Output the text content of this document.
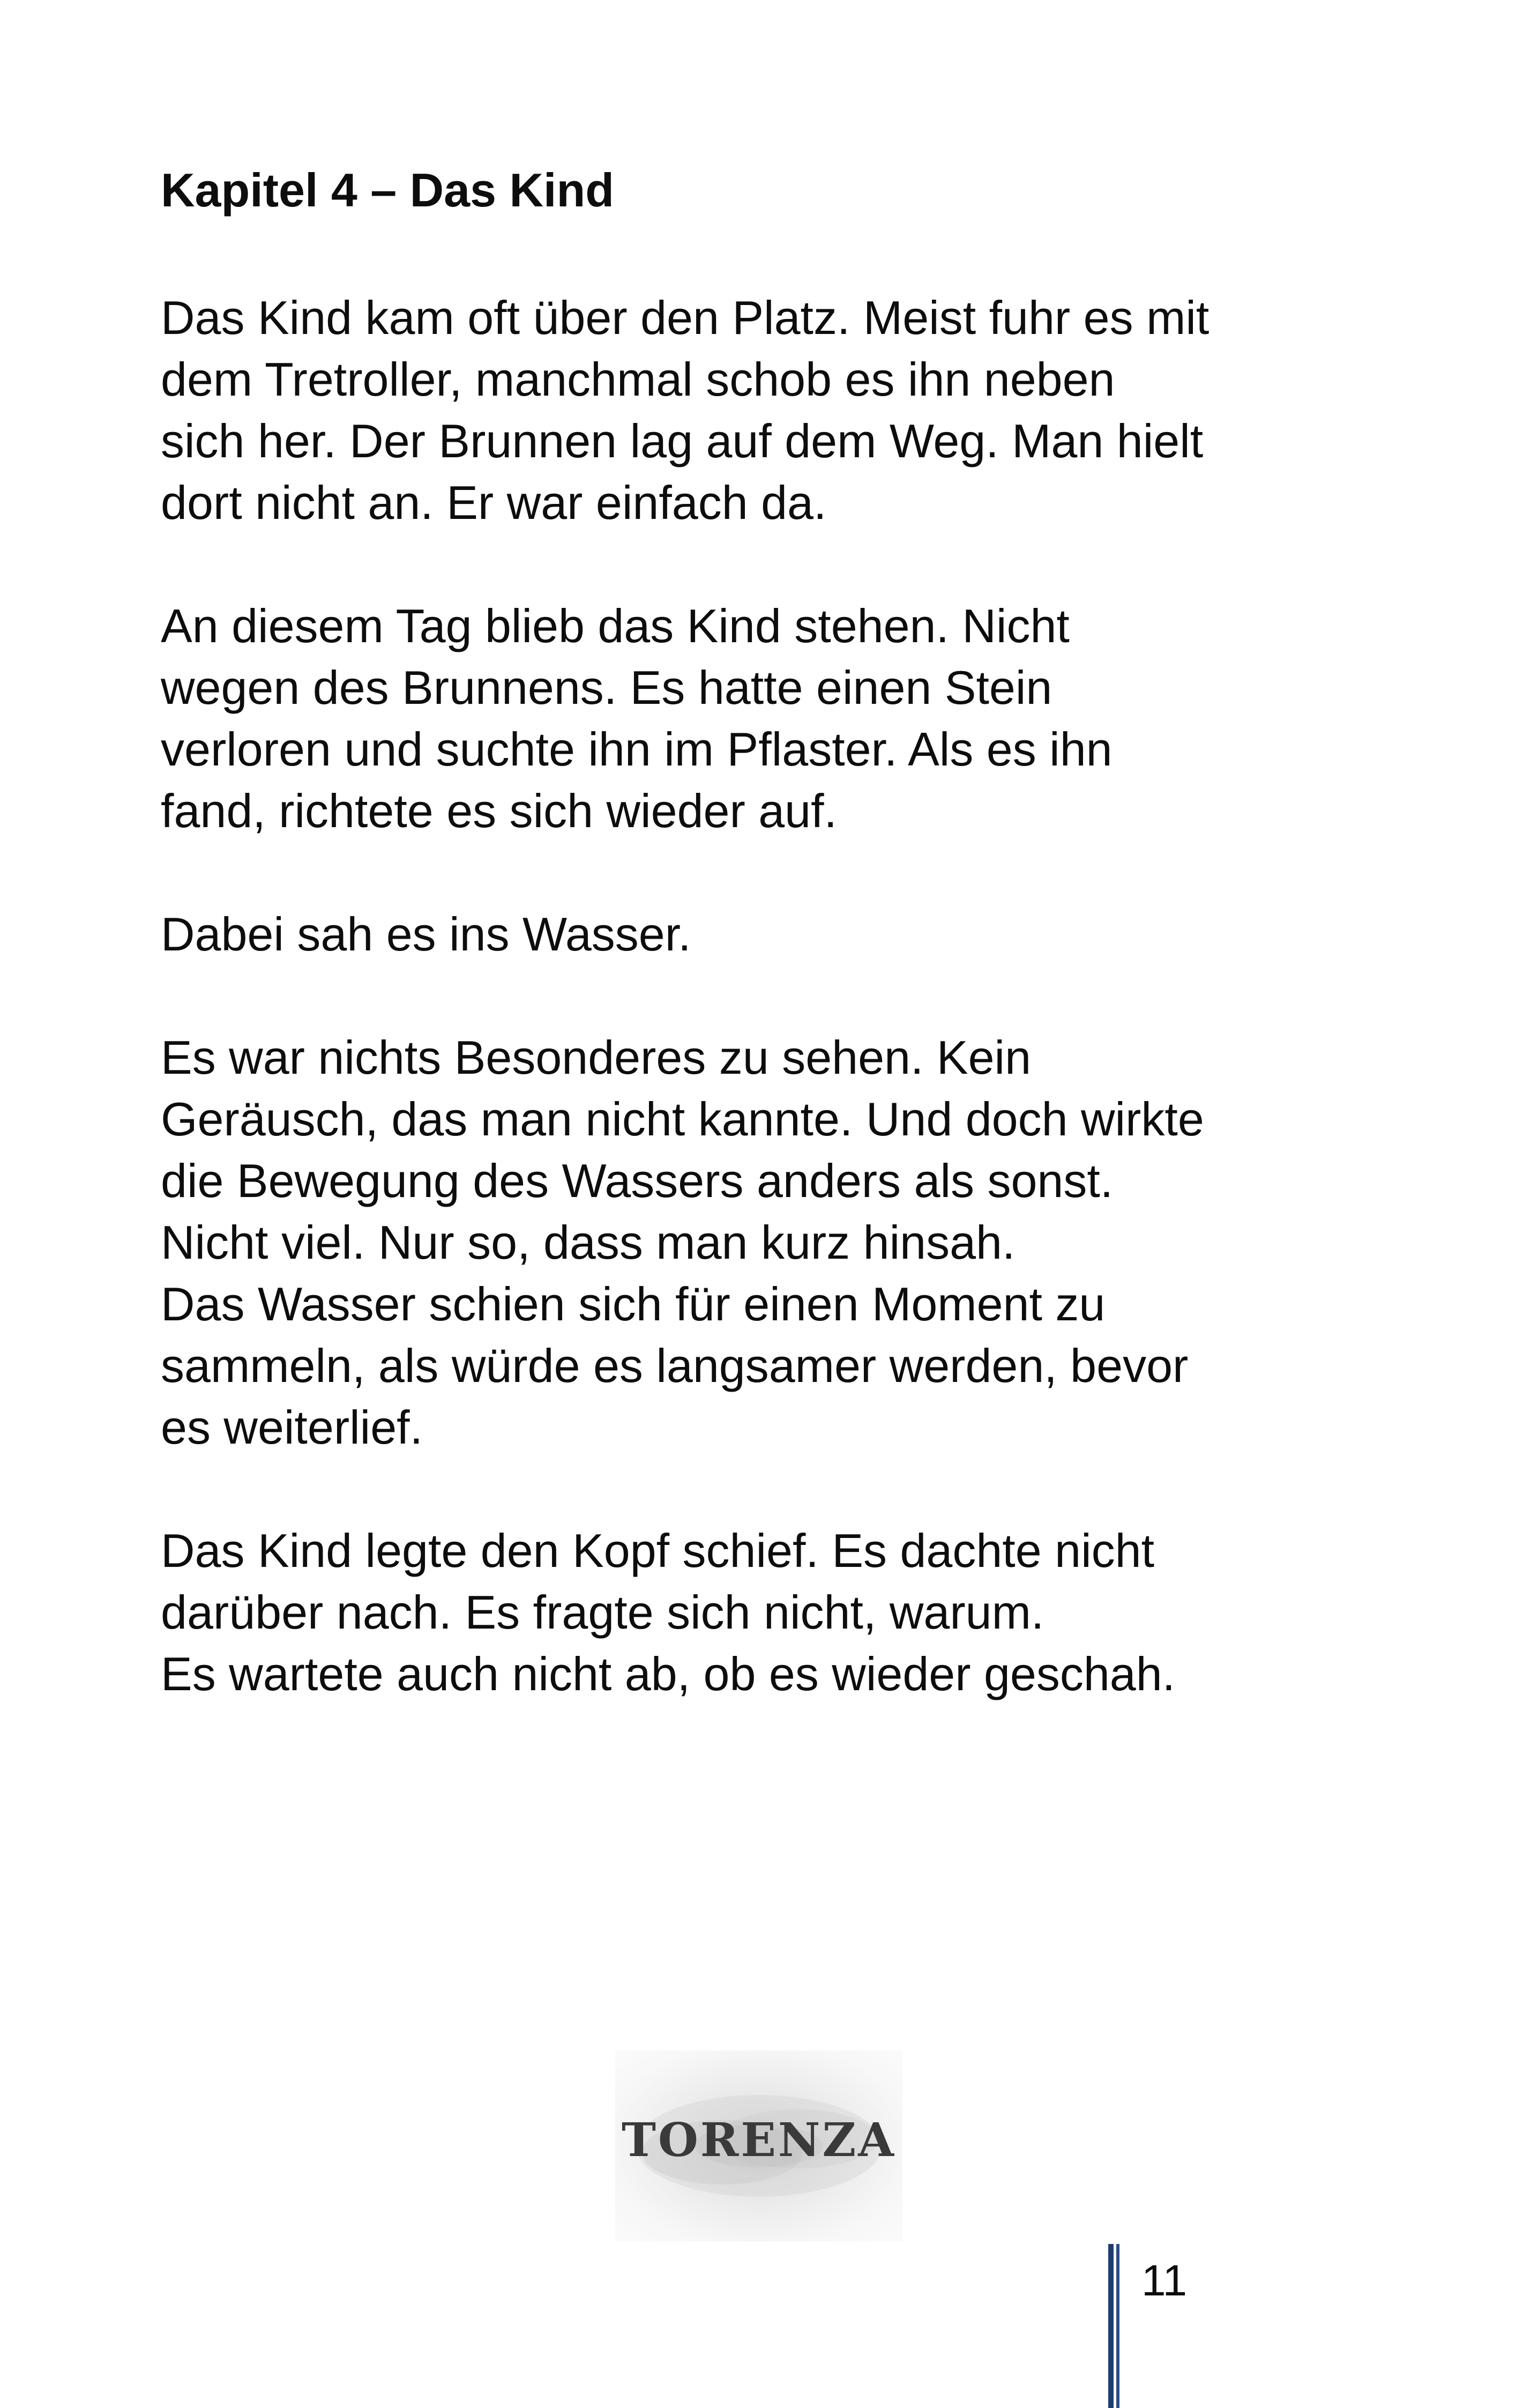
Kapitel 4 – Das Kind

Das Kind kam oft über den Platz. Meist fuhr es mit
dem Tretroller, manchmal schob es ihn neben
sich her. Der Brunnen lag auf dem Weg. Man hielt
dort nicht an. Er war einfach da.

An diesem Tag blieb das Kind stehen. Nicht
wegen des Brunnens. Es hatte einen Stein
verloren und suchte ihn im Pflaster. Als es ihn
fand, richtete es sich wieder auf.

Dabei sah es ins Wasser.

Es war nichts Besonderes zu sehen. Kein
Geräusch, das man nicht kannte. Und doch wirkte
die Bewegung des Wassers anders als sonst.
Nicht viel. Nur so, dass man kurz hinsah.
Das Wasser schien sich für einen Moment zu
sammeln, als würde es langsamer werden, bevor
es weiterlief.

Das Kind legte den Kopf schief. Es dachte nicht
darüber nach. Es fragte sich nicht, warum.
Es wartete auch nicht ab, ob es wieder geschah.

TORENZA

11
